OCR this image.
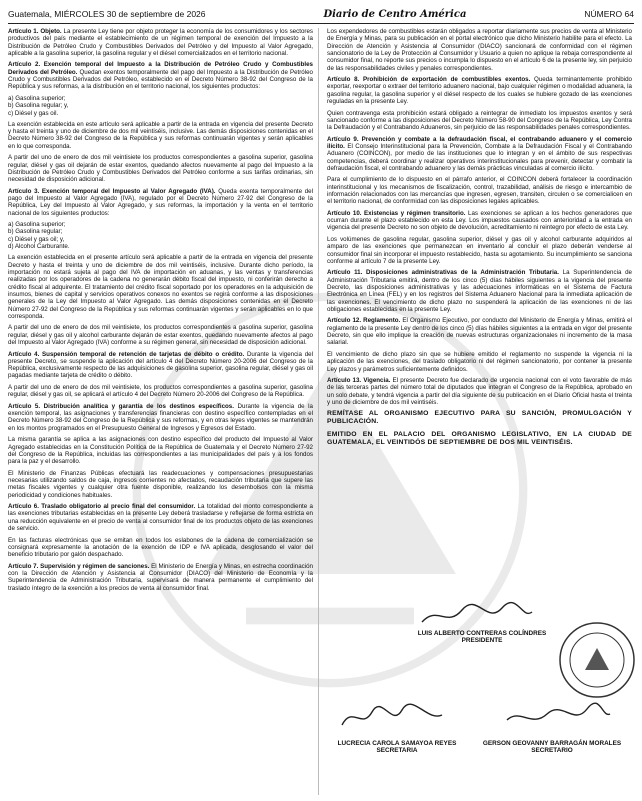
Guatemala, MIÉRCOLES 30 de septiembre de 2026	Diario de Centro América	NÚMERO 64

Artículo 1. Objeto. La presente Ley tiene por objeto proteger la economía de los consumidores y los sectores productivos del país mediante el establecimiento de un régimen temporal de exención del Impuesto a la Distribución de Petróleo Crudo y Combustibles Derivados del Petróleo y del Impuesto al Valor Agregado, aplicable a la gasolina superior, la gasolina regular y el diésel comercializados en el territorio nacional.

Artículo 2. Exención temporal del Impuesto a la Distribución de Petróleo Crudo y Combustibles Derivados del Petróleo. Quedan exentos temporalmente del pago del Impuesto a la Distribución de Petróleo Crudo y Combustibles Derivados del Petróleo, establecido en el Decreto Número 38-92 del Congreso de la República y sus reformas, a la distribución en el territorio nacional, los siguientes productos:

a) Gasolina superior;
b) Gasolina regular; y,
c) Diésel y gas oil.

La exención establecida en este artículo será aplicable a partir de la entrada en vigencia del presente Decreto y hasta el treinta y uno de diciembre de dos mil veintiséis, inclusive. Las demás disposiciones contenidas en el Decreto Número 38-92 del Congreso de la República y sus reformas continuarán vigentes y serán aplicables en lo que corresponda.

A partir del uno de enero de dos mil veintisiete los productos correspondientes a gasolina superior, gasolina regular, diésel y gas oil dejarán de estar exentos, quedando afectos nuevamente al pago del Impuesto a la Distribución de Petróleo Crudo y Combustibles Derivados del Petróleo conforme a sus tarifas ordinarias, sin necesidad de disposición adicional.

Artículo 3. Exención temporal del Impuesto al Valor Agregado (IVA). Queda exenta temporalmente del pago del Impuesto al Valor Agregado (IVA), regulado por el Decreto Número 27-92 del Congreso de la República, Ley del Impuesto al Valor Agregado, y sus reformas, la importación y la venta en el territorio nacional de los siguientes productos:

a) Gasolina superior;
b) Gasolina regular;
c) Diésel y gas oil; y,
d) Alcohol Carburante.

La exención establecida en el presente artículo será aplicable a partir de la entrada en vigencia del presente Decreto y hasta el treinta y uno de diciembre de dos mil veintiséis, inclusive. Durante dicho período, la importación no estará sujeta al pago del IVA de importación en aduanas, y las ventas y transferencias realizadas por los operadores de la cadena no generarán débito fiscal del impuesto, ni conferirán derecho a crédito fiscal al adquirente. El tratamiento del crédito fiscal soportado por los operadores en la adquisición de insumos, bienes de capital y servicios operativos conexos no exentos se regirá conforme a las disposiciones generales de la Ley del Impuesto al Valor Agregado. Las demás disposiciones contenidas en el Decreto Número 27-92 del Congreso de la República y sus reformas continuarán vigentes y serán aplicables en lo que corresponda.

A partir del uno de enero de dos mil veintisiete, los productos correspondientes a gasolina superior, gasolina regular, diésel y gas oil y alcohol carburante dejarán de estar exentos, quedando nuevamente afectos al pago del Impuesto al Valor Agregado (IVA) conforme a su régimen general, sin necesidad de disposición adicional.

Artículo 4. Suspensión temporal de retención de tarjetas de débito o crédito. Durante la vigencia del presente Decreto, se suspende la aplicación del artículo 4 del Decreto Número 20-2006 del Congreso de la República, exclusivamente respecto de las adquisiciones de gasolina superior, gasolina regular, diésel y gas oil pagadas mediante tarjeta de crédito o débito.

A partir del uno de enero de dos mil veintisiete, los productos correspondientes a gasolina superior, gasolina regular, diésel y gas oil, se aplicará el artículo 4 del Decreto Número 20-2006 del Congreso de la República.

Artículo 5. Distribución analítica y garantía de los destinos específicos. Durante la vigencia de la exención temporal, las asignaciones y transferencias financieras con destino específico contempladas en el Decreto Número 38-92 del Congreso de la República y sus reformas, y en otras leyes vigentes se mantendrán en los montos programados en el Presupuesto General de Ingresos y Egresos del Estado.

La misma garantía se aplica a las asignaciones con destino específico del producto del Impuesto al Valor Agregado establecidas en la Constitución Política de la República de Guatemala y el Decreto Número 27-92 del Congreso de la República, incluidas las correspondientes a las municipalidades del país y a los fondos para la paz y el desarrollo.

El Ministerio de Finanzas Públicas efectuará las readecuaciones y compensaciones presupuestarias necesarias utilizando saldos de caja, ingresos corrientes no afectados, recaudación tributaria que supere las metas fiscales vigentes y cualquier otra fuente disponible, realizando los desembolsos con la misma periodicidad y condiciones habituales.

Artículo 6. Traslado obligatorio al precio final del consumidor. La totalidad del monto correspondiente a las exenciones tributarias establecidas en la presente Ley deberá trasladarse y reflejarse de forma estricta en una reducción equivalente en el precio de venta al consumidor final de los productos objeto de las exenciones de servicio.

En las facturas electrónicas que se emitan en todos los eslabones de la cadena de comercialización se consignará expresamente la anotación de la exención de IDP e IVA aplicada, desglosando el valor del beneficio tributario por galón despachado.

Artículo 7. Supervisión y régimen de sanciones. El Ministerio de Energía y Minas, en estrecha coordinación con la Dirección de Atención y Asistencia al Consumidor (DIACO) del Ministerio de Economía y la Superintendencia de Administración Tributaria, supervisará de manera permanente el cumplimiento del traslado íntegro de la exención a los precios de venta al consumidor final.

Los expendedores de combustibles estarán obligados a reportar diariamente sus precios de venta al Ministerio de Energía y Minas, para su publicación en el portal electrónico que dicho Ministerio habilite para el efecto. La Dirección de Atención y Asistencia al Consumidor (DIACO) sancionará de conformidad con el régimen sancionatorio de la Ley de Protección al Consumidor y Usuario a quien no aplique la rebaja correspondiente al consumidor final, no reporte sus precios o incumpla lo dispuesto en el artículo 6 de la presente ley, sin perjuicio de las responsabilidades civiles y penales correspondientes.

Artículo 8. Prohibición de exportación de combustibles exentos. Queda terminantemente prohibido exportar, reexportar o extraer del territorio aduanero nacional, bajo cualquier régimen o modalidad aduanera, la gasolina regular, la gasolina superior y el diésel respecto de los cuales se hubiere gozado de las exenciones reguladas en la presente Ley.

Quien contravenga esta prohibición estará obligado a reintegrar de inmediato los impuestos exentos y será sancionado conforme a las disposiciones del Decreto Número 58-90 del Congreso de la República, Ley Contra la Defraudación y el Contrabando Aduaneros, sin perjuicio de las responsabilidades penales correspondientes.

Artículo 9. Prevención y combate a la defraudación fiscal, el contrabando aduanero y el comercio ilícito. El Consejo Interinstitucional para la Prevención, Combate a la Defraudación Fiscal y el Contrabando Aduanero (COINCON), por medio de las instituciones que lo integran y en el ámbito de sus respectivas competencias, deberá coordinar y realizar operativos interinstitucionales para prevenir, detectar y combatir la defraudación fiscal, el contrabando aduanero y las demás prácticas vinculadas al comercio ilícito.

Para el cumplimiento de lo dispuesto en el párrafo anterior, el COINCON deberá fortalecer la coordinación interinstitucional y los mecanismos de fiscalización, control, trazabilidad, análisis de riesgo e intercambio de información relacionados con las mercancías que ingresen, egresen, transiten, circulen o se comercialicen en el territorio nacional, de conformidad con las disposiciones legales aplicables.

Artículo 10. Existencias y régimen transitorio. Las exenciones se aplican a los hechos generadores que ocurran durante el plazo establecido en esta Ley. Los impuestos causados con anterioridad a la entrada en vigencia del presente Decreto no son objeto de devolución, acreditamiento ni reintegro por efecto de esta Ley.

Los volúmenes de gasolina regular, gasolina superior, diésel y gas oil y alcohol carburante adquiridos al amparo de las exenciones que permanezcan en inventario al concluir el plazo deberán venderse al consumidor final sin incorporar el impuesto restablecido, hasta su agotamiento. Su incumplimiento se sanciona conforme al artículo 7 de la presente Ley.

Artículo 11. Disposiciones administrativas de la Administración Tributaria. La Superintendencia de Administración Tributaria emitirá, dentro de los cinco (5) días hábiles siguientes a la vigencia del presente Decreto, las disposiciones administrativas y las adecuaciones informáticas en el Sistema de Factura Electrónica en Línea (FEL) y en los registros del Sistema Aduanero Nacional para la inmediata aplicación de las exenciones. El vencimiento de dicho plazo no suspenderá la aplicación de las exenciones ni de las obligaciones establecidas en la presente Ley.

Artículo 12. Reglamento. El Organismo Ejecutivo, por conducto del Ministerio de Energía y Minas, emitirá el reglamento de la presente Ley dentro de los cinco (5) días hábiles siguientes a la entrada en vigor del presente Decreto, sin que ello implique la creación de nuevas estructuras organizacionales ni incremento de la masa salarial.

El vencimiento de dicho plazo sin que se hubiere emitido el reglamento no suspende la vigencia ni la aplicación de las exenciones, del traslado obligatorio ni del régimen sancionatorio, por contener la presente Ley plazos y parámetros suficientemente definidos.

Artículo 13. Vigencia. El presente Decreto fue declarado de urgencia nacional con el voto favorable de más de las terceras partes del número total de diputados que integran el Congreso de la República, aprobado en un solo debate, y tendrá vigencia a partir del día siguiente de su publicación en el Diario Oficial hasta el treinta y uno de diciembre de dos mil veintiséis.

REMÍTASE AL ORGANISMO EJECUTIVO PARA SU SANCIÓN, PROMULGACIÓN Y PUBLICACIÓN.

EMITIDO EN EL PALACIO DEL ORGANISMO LEGISLATIVO, EN LA CIUDAD DE GUATEMALA, EL VEINTIDÓS DE SEPTIEMBRE DE DOS MIL VEINTISÉIS.

LUIS ALBERTO CONTRERAS COLÍNDRES
PRESIDENTE
LUCRECIA CAROLA SAMAYOA REYES
SECRETARIA
GERSON GEOVANNY BARRAGÁN MORALES
SECRETARIO
